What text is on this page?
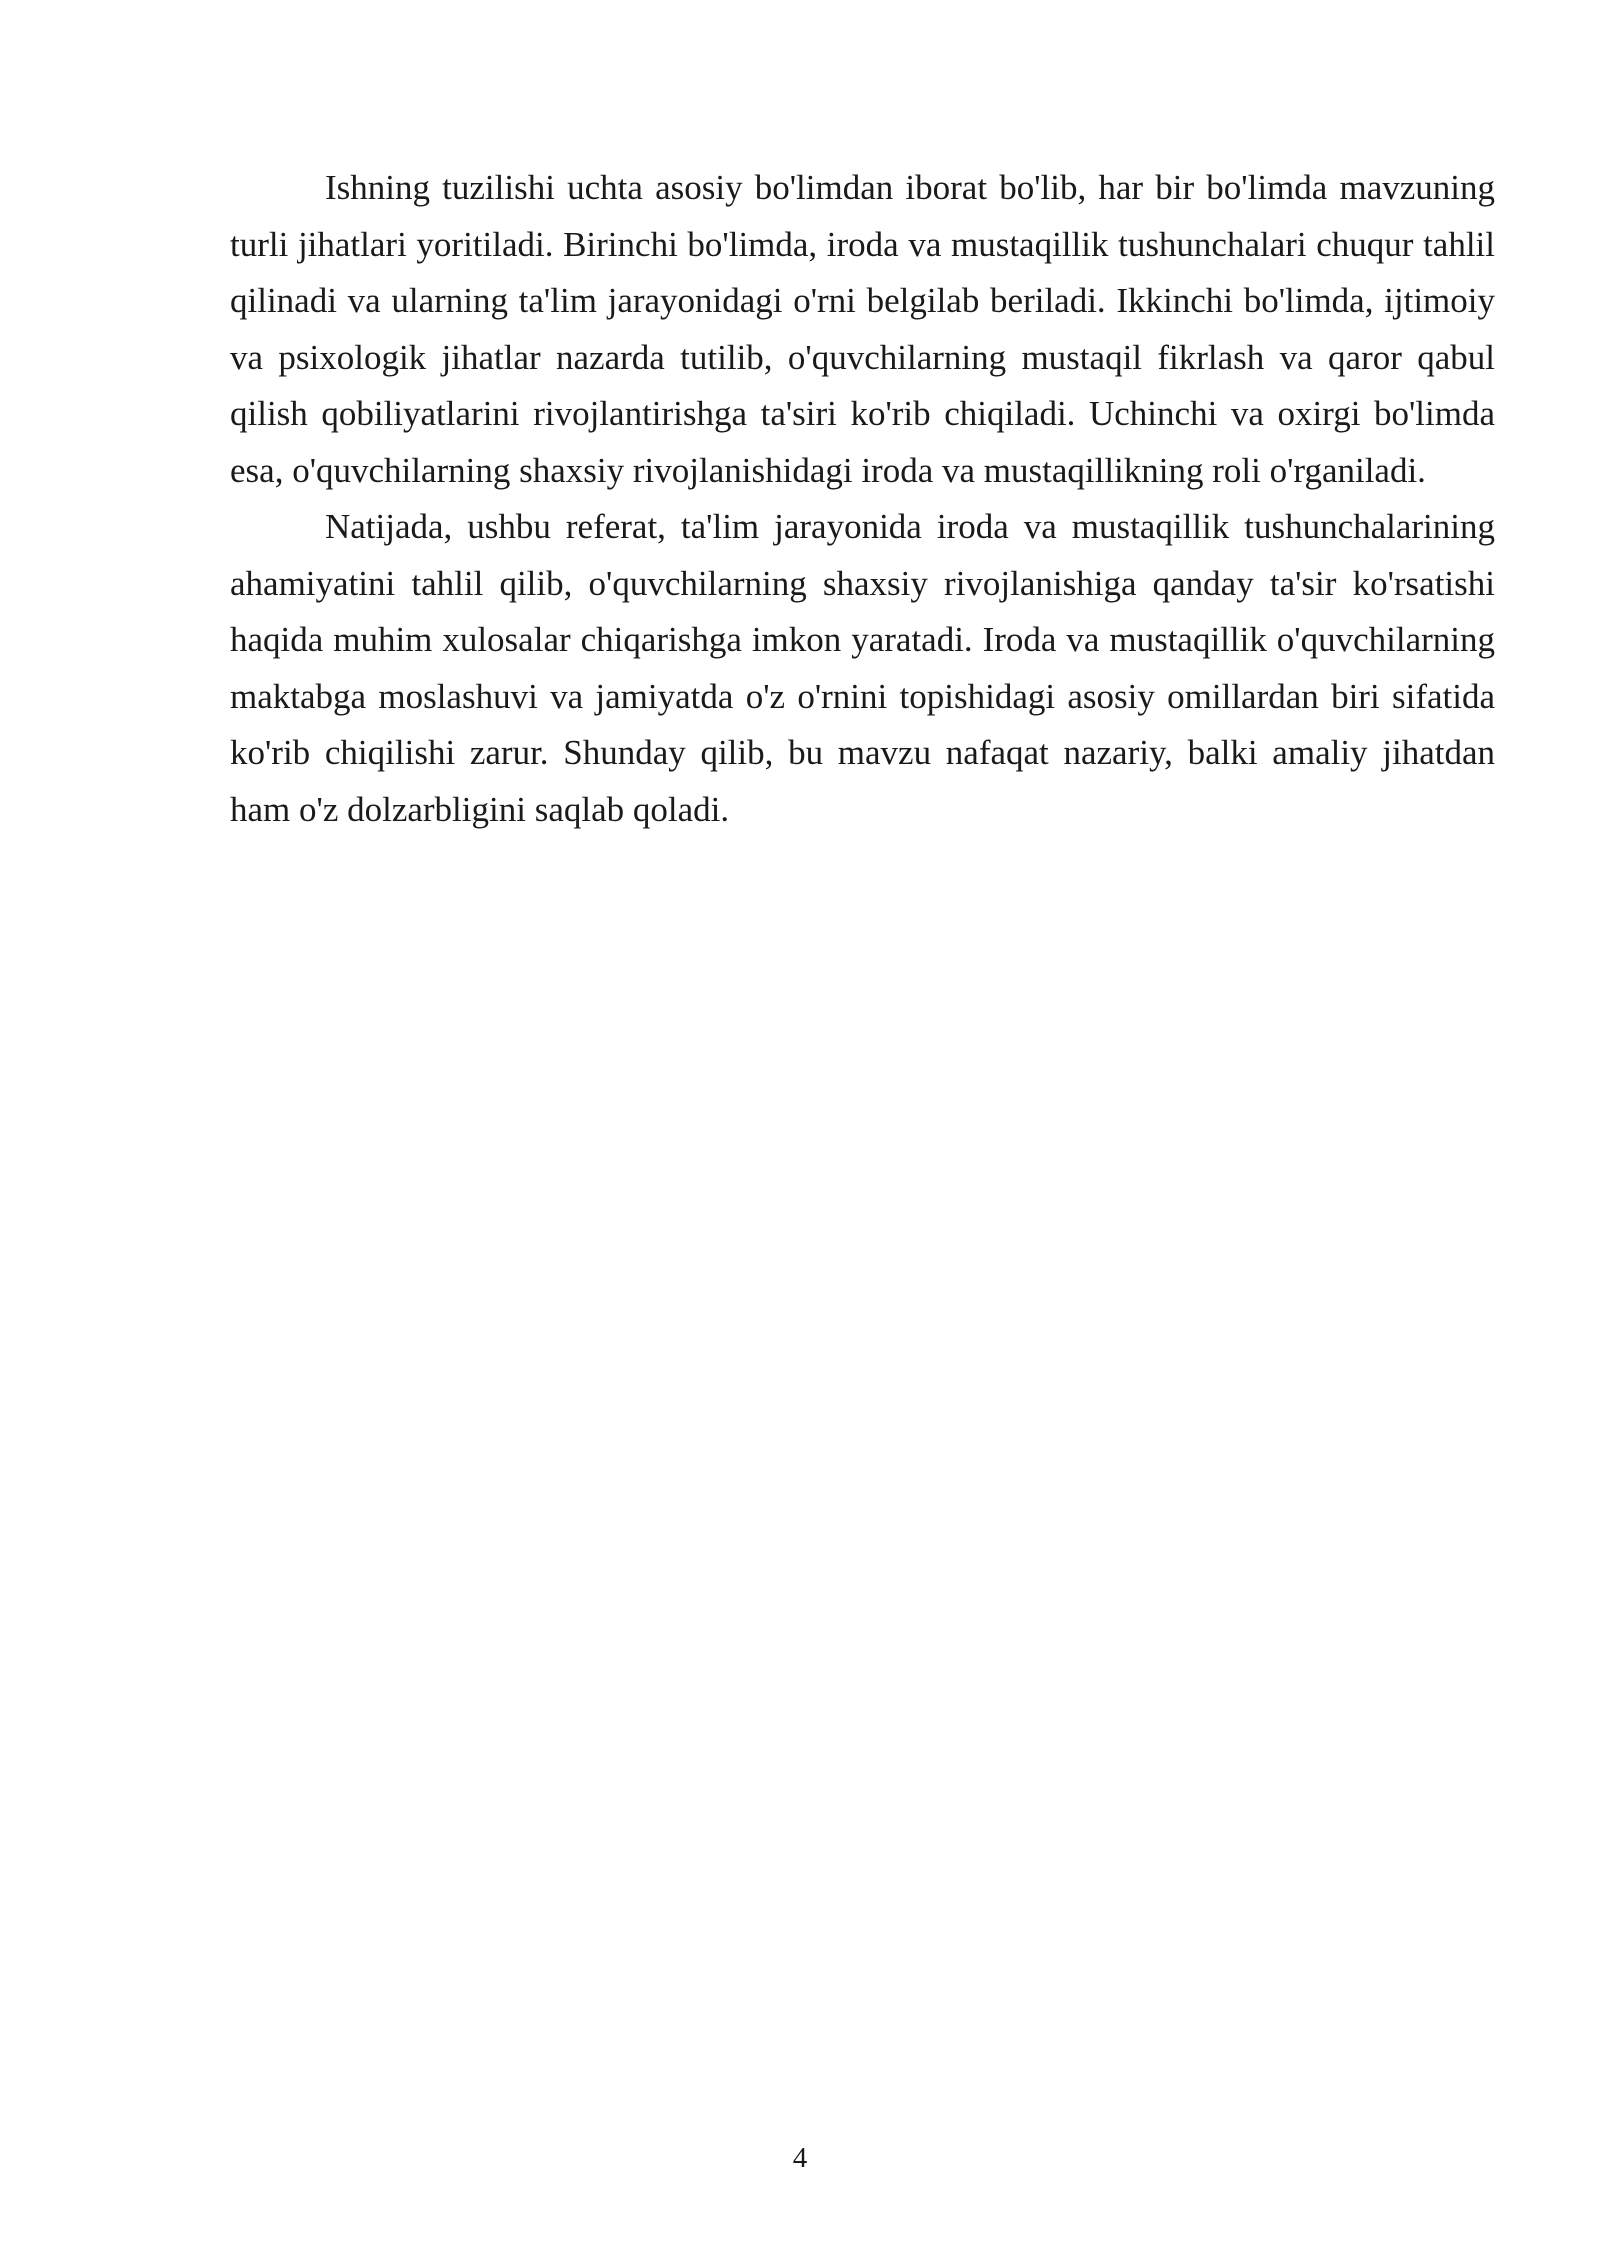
Ishning tuzilishi uchta asosiy bo'limdan iborat bo'lib, har bir bo'limda mavzuning turli jihatlari yoritiladi. Birinchi bo'limda, iroda va mustaqillik tushunchalari chuqur tahlil qilinadi va ularning ta'lim jarayonidagi o'rni belgilab beriladi. Ikkinchi bo'limda, ijtimoiy va psixologik jihatlar nazarda tutilib, o'quvchilarning mustaqil fikrlash va qaror qabul qilish qobiliyatlarini rivojlantirishga ta'siri ko'rib chiqiladi. Uchinchi va oxirgi bo'limda esa, o'quvchilarning shaxsiy rivojlanishidagi iroda va mustaqillikning roli o'rganiladi.

Natijada, ushbu referat, ta'lim jarayonida iroda va mustaqillik tushunchalarining ahamiyatini tahlil qilib, o'quvchilarning shaxsiy rivojlanishiga qanday ta'sir ko'rsatishi haqida muhim xulosalar chiqarishga imkon yaratadi. Iroda va mustaqillik o'quvchilarning maktabga moslashuvi va jamiyatda o'z o'rnini topishidagi asosiy omillardan biri sifatida ko'rib chiqilishi zarur. Shunday qilib, bu mavzu nafaqat nazariy, balki amaliy jihatdan ham o'z dolzarbligini saqlab qoladi.

4
